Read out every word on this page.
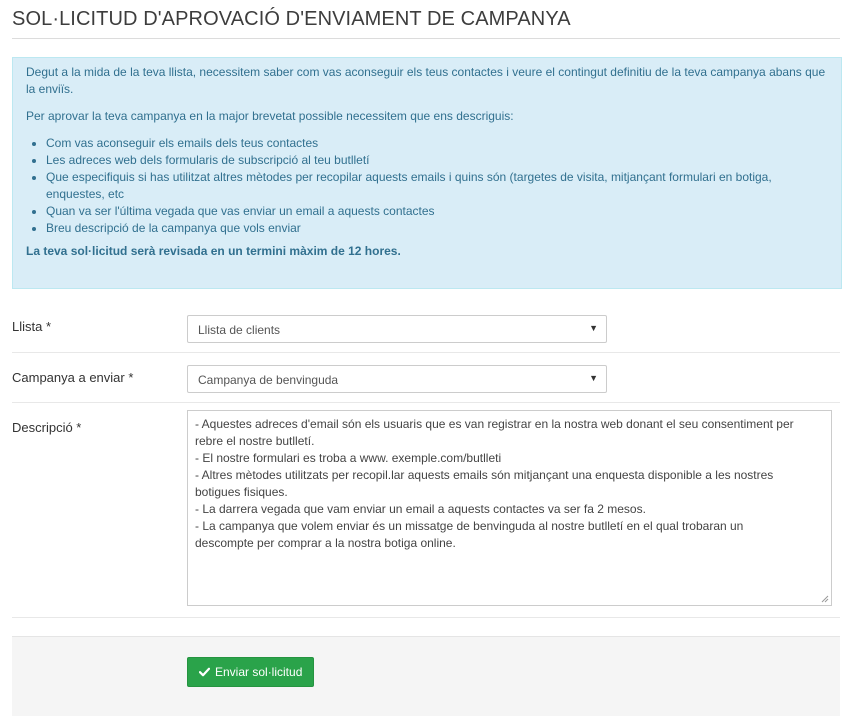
SOL·LICITUD D'APROVACIÓ D'ENVIAMENT DE CAMPANYA

Degut a la mida de la teva llista, necessitem saber com vas aconseguir els teus contactes i veure el contingut definitiu de la teva campanya abans que la enviïs.

Per aprovar la teva campanya en la major brevetat possible necessitem que ens descriguis:

• Com vas aconseguir els emails dels teus contactes
• Les adreces web dels formularis de subscripció al teu butlletí
• Que especifiquis si has utilitzat altres mètodes per recopilar aquests emails i quins són (targetes de visita, mitjançant formulari en botiga, enquestes, etc
• Quan va ser l'última vegada que vas enviar un email a aquests contactes
• Breu descripció de la campanya que vols enviar
La teva sol·licitud serà revisada en un termini màxim de 12 hores.
Llista *	Llista de clients	▼
Campanya a enviar *	Campanya de benvinguda	▼
Descripció *	- Aquestes adreces d'email són els usuaris que es van registrar en la nostra web donant el seu consentiment per
rebre el nostre butlletí.
- El nostre formulari es troba a www. exemple.com/butlleti
- Altres mètodes utilitzats per recopil.lar aquests emails són mitjançant una enquesta disponible a les nostres
botigues fisiques.
- La darrera vegada que vam enviar un email a aquests contactes va ser fa 2 mesos.
- La campanya que volem enviar és un missatge de benvinguda al nostre butlletí en el qual trobaran un
descompte per comprar a la nostra botiga online.
Enviar sol·licitud
